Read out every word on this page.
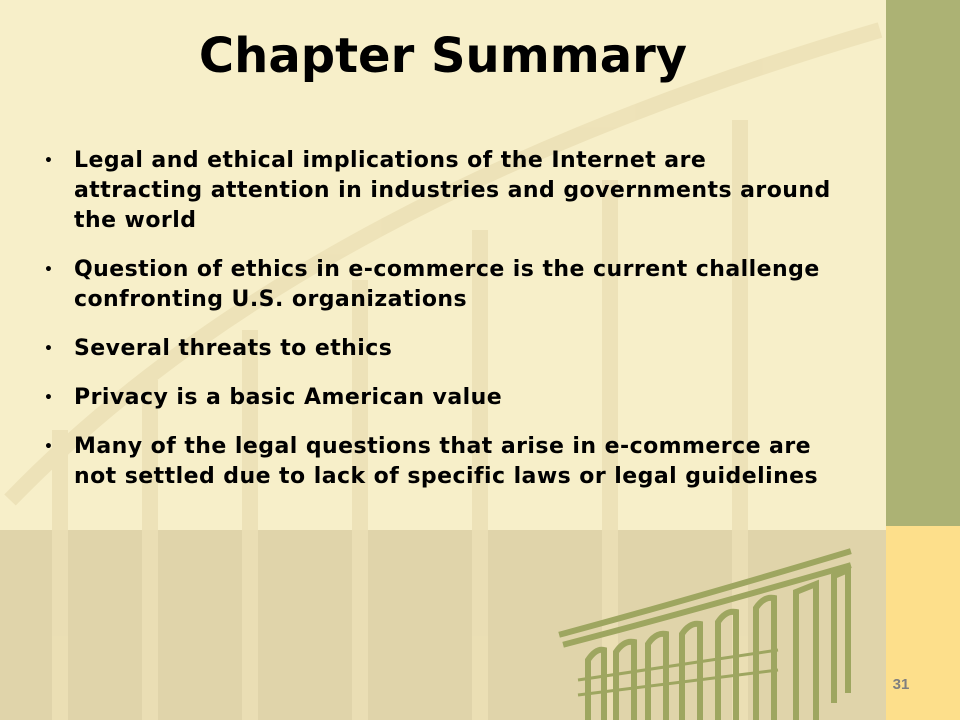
Chapter Summary
• Legal and ethical implications of the Internet are attracting attention in industries and governments around the world
• Question of ethics in e-commerce is the current challenge confronting U.S. organizations
• Several threats to ethics
• Privacy is a basic American value
• Many of the legal questions that arise in e-commerce are not settled due to lack of specific laws or legal guidelines
31
